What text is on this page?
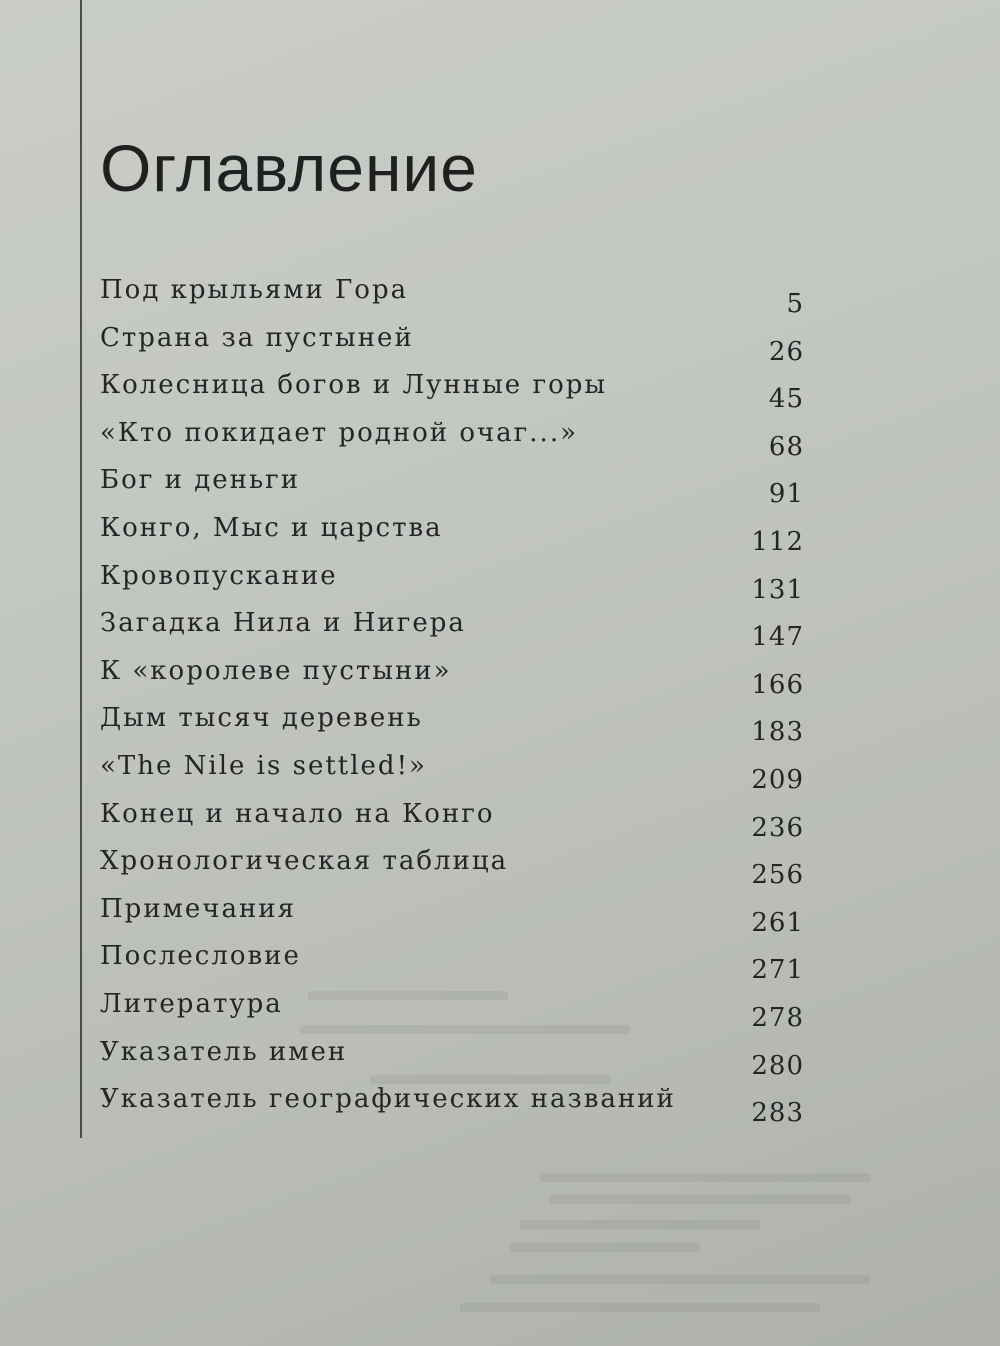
Оглавление
Под крыльями Гора	5
Страна за пустыней	26
Колесница богов и Лунные горы	45
«Кто покидает родной очаг...»	68
Бог и деньги	91
Конго, Мыс и царства	112
Кровопускание	131
Загадка Нила и Нигера	147
К «королеве пустыни»	166
Дым тысяч деревень	183
«The Nile is settled!»	209
Конец и начало на Конго	236
Хронологическая таблица	256
Примечания	261
Послесловие	271
Литература	278
Указатель имен	280
Указатель географических названий	283
